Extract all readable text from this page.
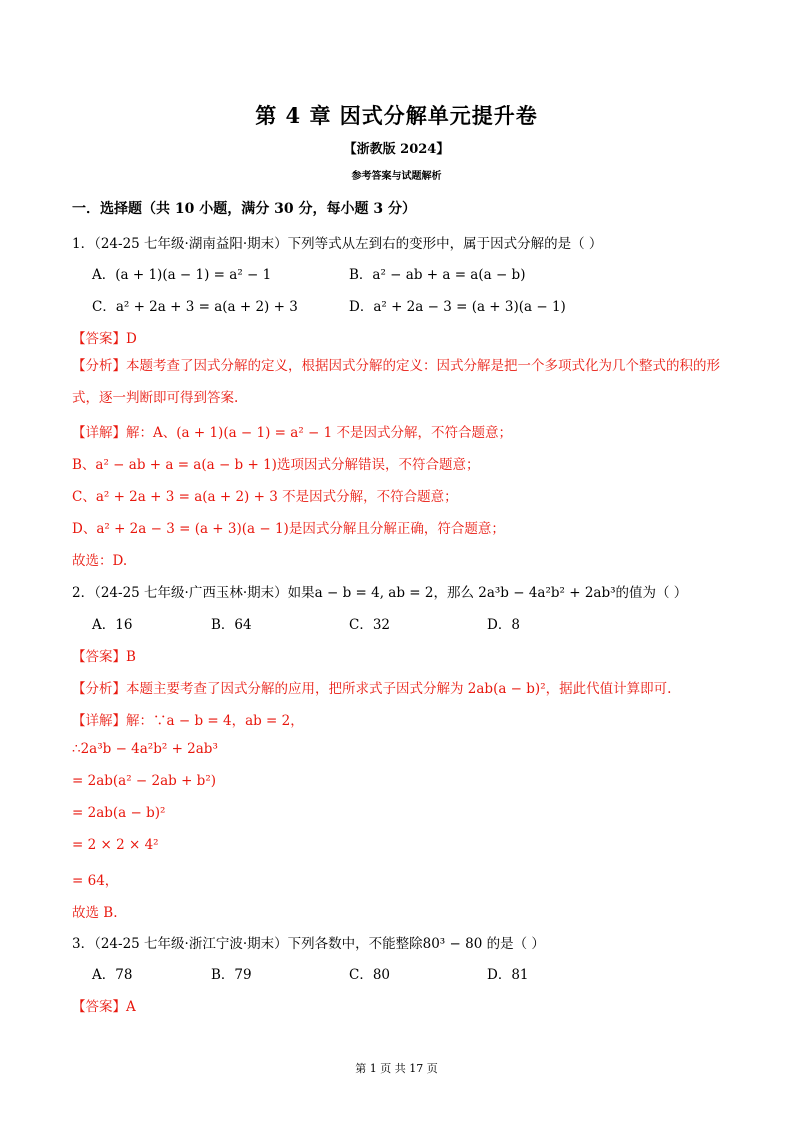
第 4 章 因式分解单元提升卷
【浙教版 2024】
参考答案与试题解析
一．选择题（共 10 小题，满分 30 分，每小题 3 分）
1．（24-25 七年级·湖南益阳·期末）下列等式从左到右的变形中，属于因式分解的是（ ）
A．(a + 1)(a − 1) = a² − 1	B．a² − ab + a = a(a − b)
C．a² + 2a + 3 = a(a + 2) + 3	D．a² + 2a − 3 = (a + 3)(a − 1)
【答案】D
【分析】本题考查了因式分解的定义，根据因式分解的定义：因式分解是把一个多项式化为几个整式的积的形式，逐一判断即可得到答案.
【详解】解：A、(a + 1)(a − 1) = a² − 1 不是因式分解，不符合题意；
B、a² − ab + a = a(a − b + 1)选项因式分解错误，不符合题意；
C、a² + 2a + 3 = a(a + 2) + 3 不是因式分解，不符合题意；
D、a² + 2a − 3 = (a + 3)(a − 1)是因式分解且分解正确，符合题意；
故选：D.
2．（24-25 七年级·广西玉林·期末）如果a − b = 4, ab = 2，那么 2a³b − 4a²b² + 2ab³的值为（ ）
A．16	B．64	C．32	D．8
【答案】B
【分析】本题主要考查了因式分解的应用，把所求式子因式分解为 2ab(a − b)²，据此代值计算即可.
【详解】解：∵a − b = 4，ab = 2，
∴2a³b − 4a²b² + 2ab³
= 2ab(a² − 2ab + b²)
= 2ab(a − b)²
= 2 × 2 × 4²
= 64，
故选 B.
3．（24-25 七年级·浙江宁波·期末）下列各数中，不能整除80³ − 80 的是（ ）
A．78	B．79	C．80	D．81
【答案】A
第 1 页 共 17 页
